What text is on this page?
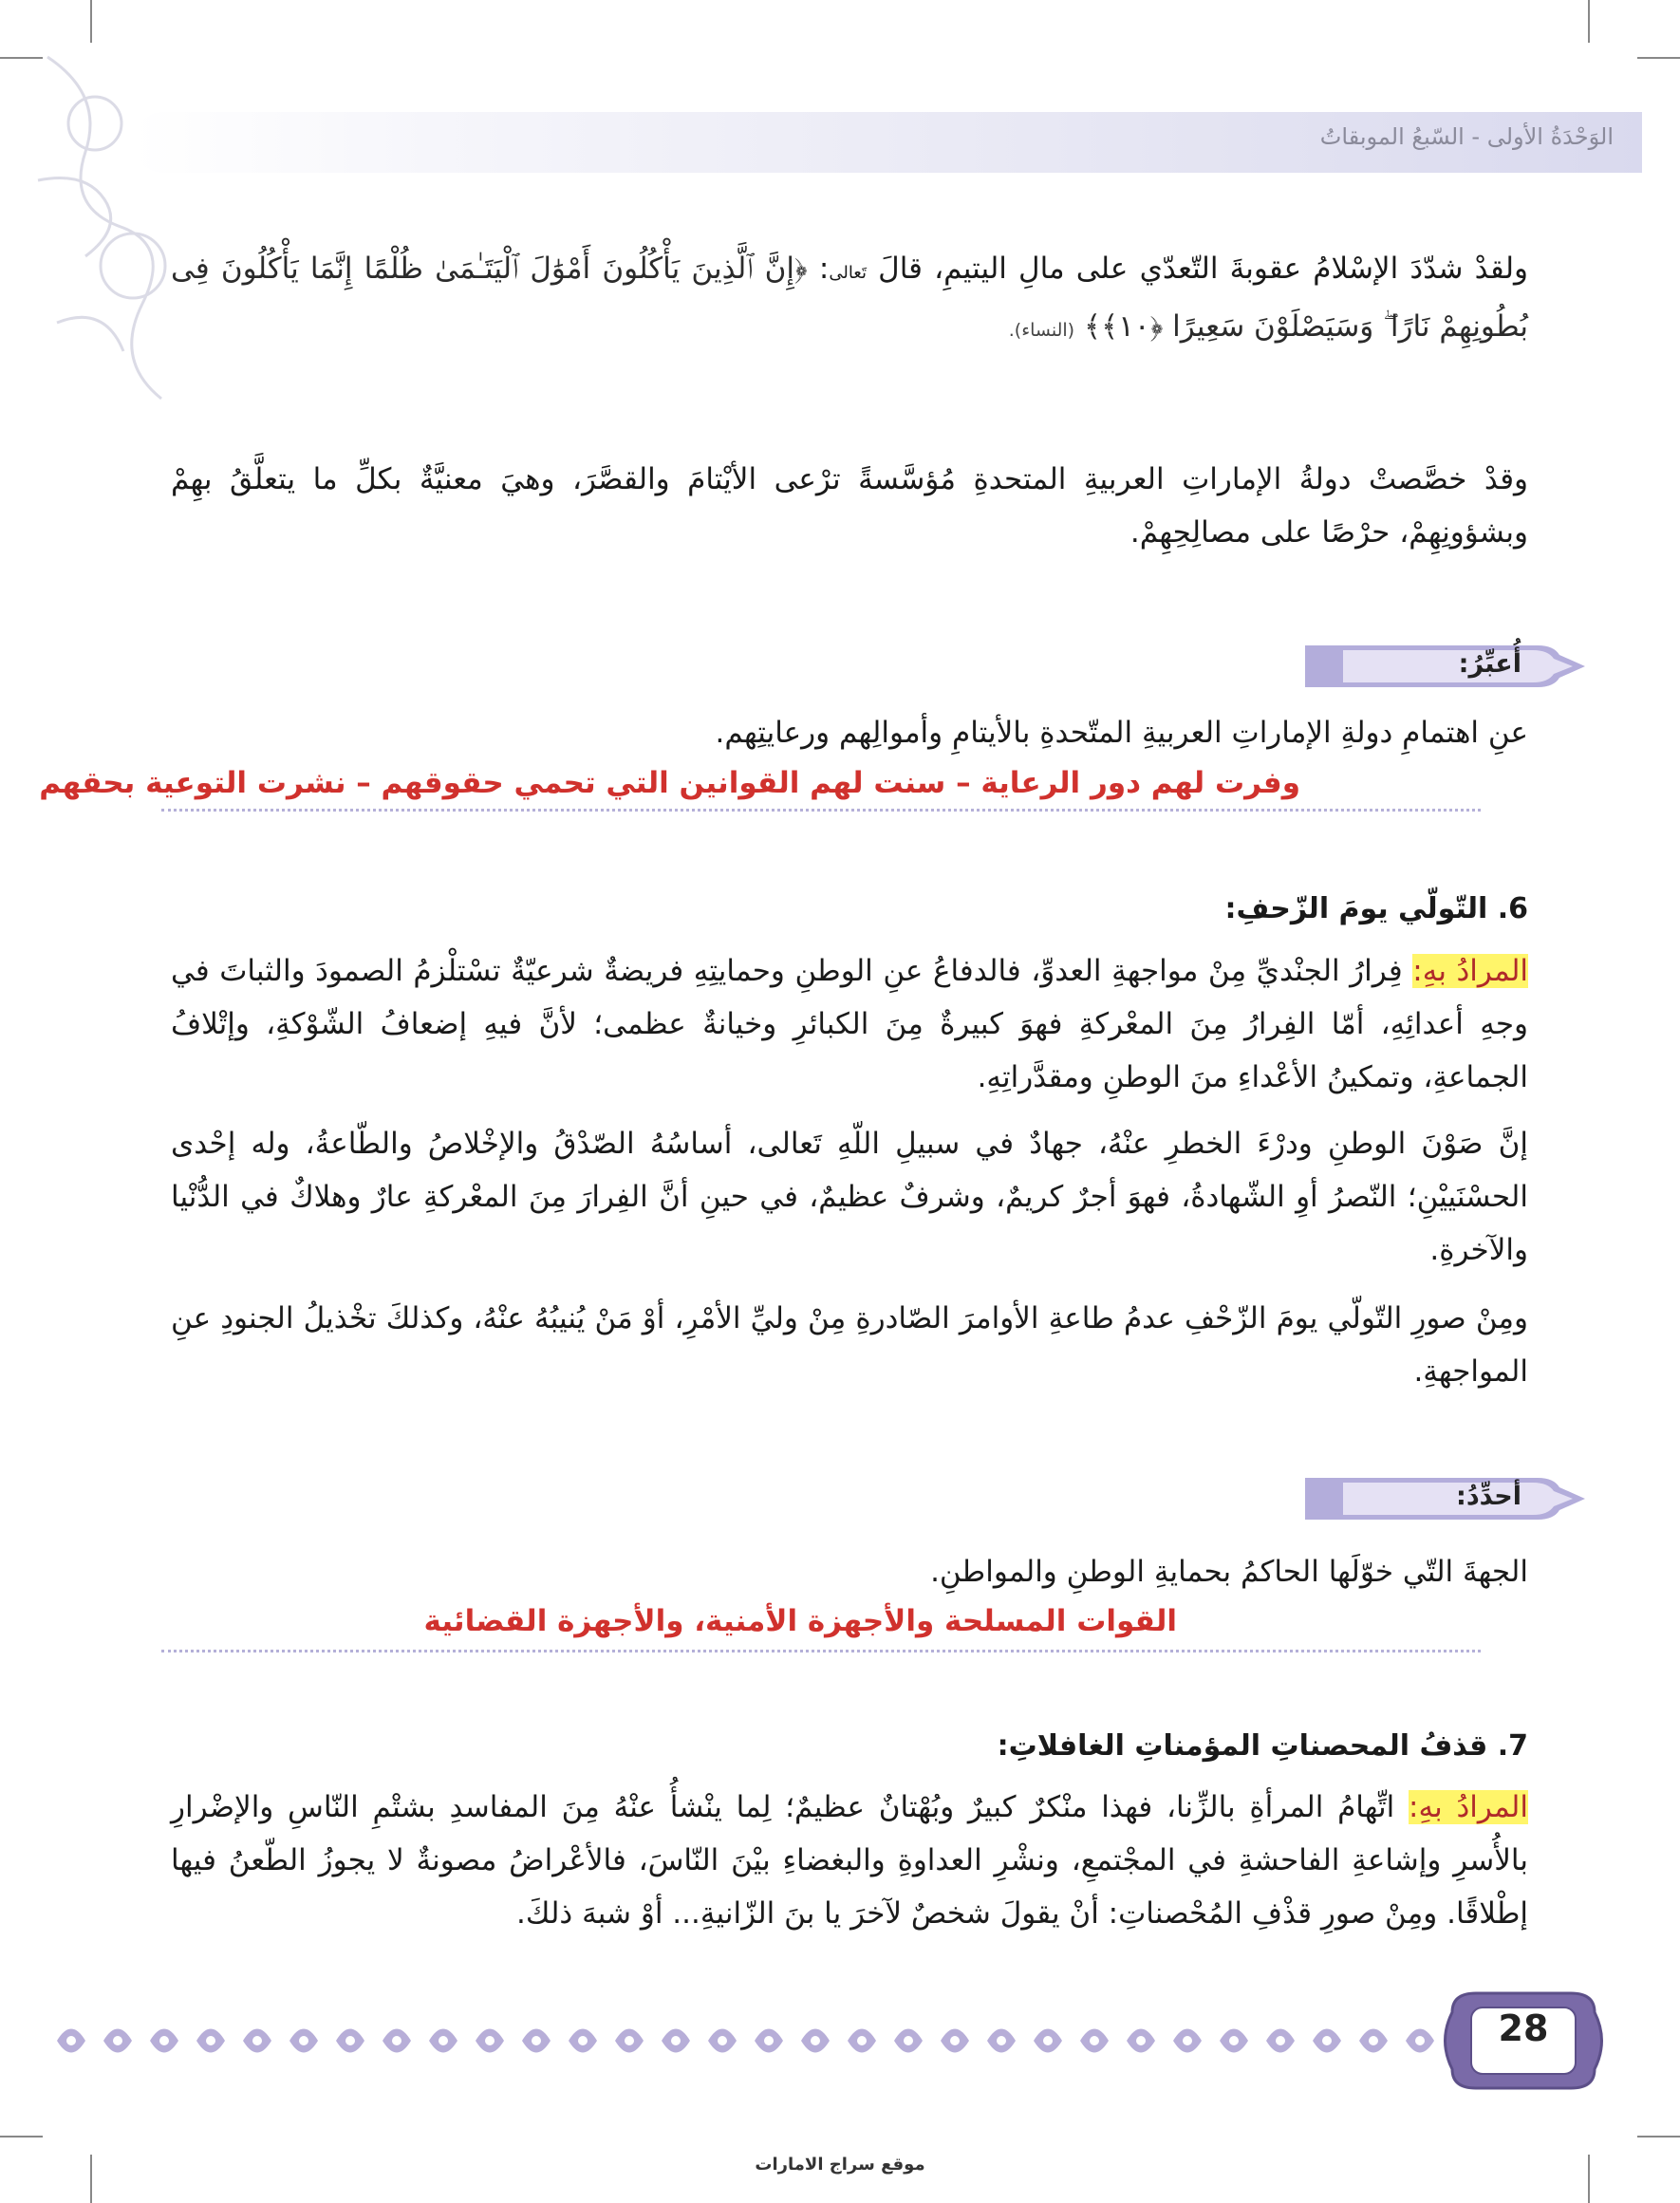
الوَحْدَةُ الأولى - السّبعُ الموبقاتُ
ولقدْ شدّدَ الإسْلامُ عقوبةَ التّعدّي على مالِ اليتيمِ، قالَ تَعالى: ﴿إِنَّ ٱلَّذِينَ يَأْكُلُونَ أَمْوَٰلَ ٱلْيَتَـٰمَىٰ ظُلْمًا إِنَّمَا يَأْكُلُونَ فِى بُطُونِهِمْ نَارًا ۖ وَسَيَصْلَوْنَ سَعِيرًا ﴿١٠﴾﴾ (النساء).
وقدْ خصَّصتْ دولةُ الإماراتِ العربيةِ المتحدةِ مُؤسَّسةً ترْعى الأيْتامَ والقصَّرَ، وهيَ معنيَّةٌ بكلِّ ما يتعلَّقُ بهِمْ وبشؤونِهِمْ، حرْصًا على مصالِحِهِمْ.
أُعبِّرُ:
عنِ اهتمامِ دولةِ الإماراتِ العربيةِ المتّحدةِ بالأيتامِ وأموالِهم ورعايتِهم.
وفرت لهم دور الرعاية – سنت لهم القوانين التي تحمي حقوقهم – نشرت التوعية بحقهم
6. التّولّي يومَ الزّحفِ:
المرادُ بهِ: فِرارُ الجنْديِّ مِنْ مواجهةِ العدوِّ، فالدفاعُ عنِ الوطنِ وحمايتِهِ فريضةٌ شرعيّةٌ تسْتلْزمُ الصمودَ والثباتَ في وجهِ أعدائِهِ، أمّا الفِرارُ مِنَ المعْركةِ فهوَ كبيرةٌ مِنَ الكبائرِ وخيانةٌ عظمى؛ لأنَّ فيهِ إضعافُ الشّوْكةِ، وإتْلافُ الجماعةِ، وتمكينُ الأعْداءِ منَ الوطنِ ومقدَّراتِهِ.
إنَّ صَوْنَ الوطنِ ودرْءَ الخطرِ عنْهُ، جهادٌ في سبيلِ اللّهِ تَعالى، أساسُهُ الصّدْقُ والإخْلاصُ والطّاعةُ، وله إحْدى الحسْنَييْنِ؛ النّصرُ أوِ الشّهادةُ، فهوَ أجرٌ كريمٌ، وشرفٌ عظيمٌ، في حينِ أنَّ الفِرارَ مِنَ المعْركةِ عارٌ وهلاكٌ في الدُّنْيا والآخرةِ.
ومِنْ صورِ التّولّي يومَ الزّحْفِ عدمُ طاعةِ الأوامرَ الصّادرةِ مِنْ وليِّ الأمْرِ، أوْ مَنْ يُنيبُهُ عنْهُ، وكذلكَ تخْذيلُ الجنودِ عنِ المواجهةِ.
أحدِّدُ:
الجهةَ التّي خوّلَها الحاكمُ بحمايةِ الوطنِ والمواطنِ.
القوات المسلحة والأجهزة الأمنية، والأجهزة القضائية
7. قذفُ المحصناتِ المؤمناتِ الغافلاتِ:
المرادُ بهِ: اتِّهامُ المرأةِ بالزِّنا، فهذا منْكرٌ كبيرٌ وبُهْتانٌ عظيمٌ؛ لِما ينْشأُ عنْهُ مِنَ المفاسدِ بشتْمِ النّاسِ والإضْرارِ بالأُسرِ وإشاعةِ الفاحشةِ في المجْتمعِ، ونشْرِ العداوةِ والبغضاءِ بيْنَ النّاسَ، فالأعْراضُ مصونةٌ لا يجوزُ الطّعنُ فيها إطْلاقًا. ومِنْ صورِ قذْفِ المُحْصناتِ: أنْ يقولَ شخصٌ لآخرَ يا بنَ الزّانيةِ... أوْ شبهَ ذلكَ.
28
موقع سراج الامارات
